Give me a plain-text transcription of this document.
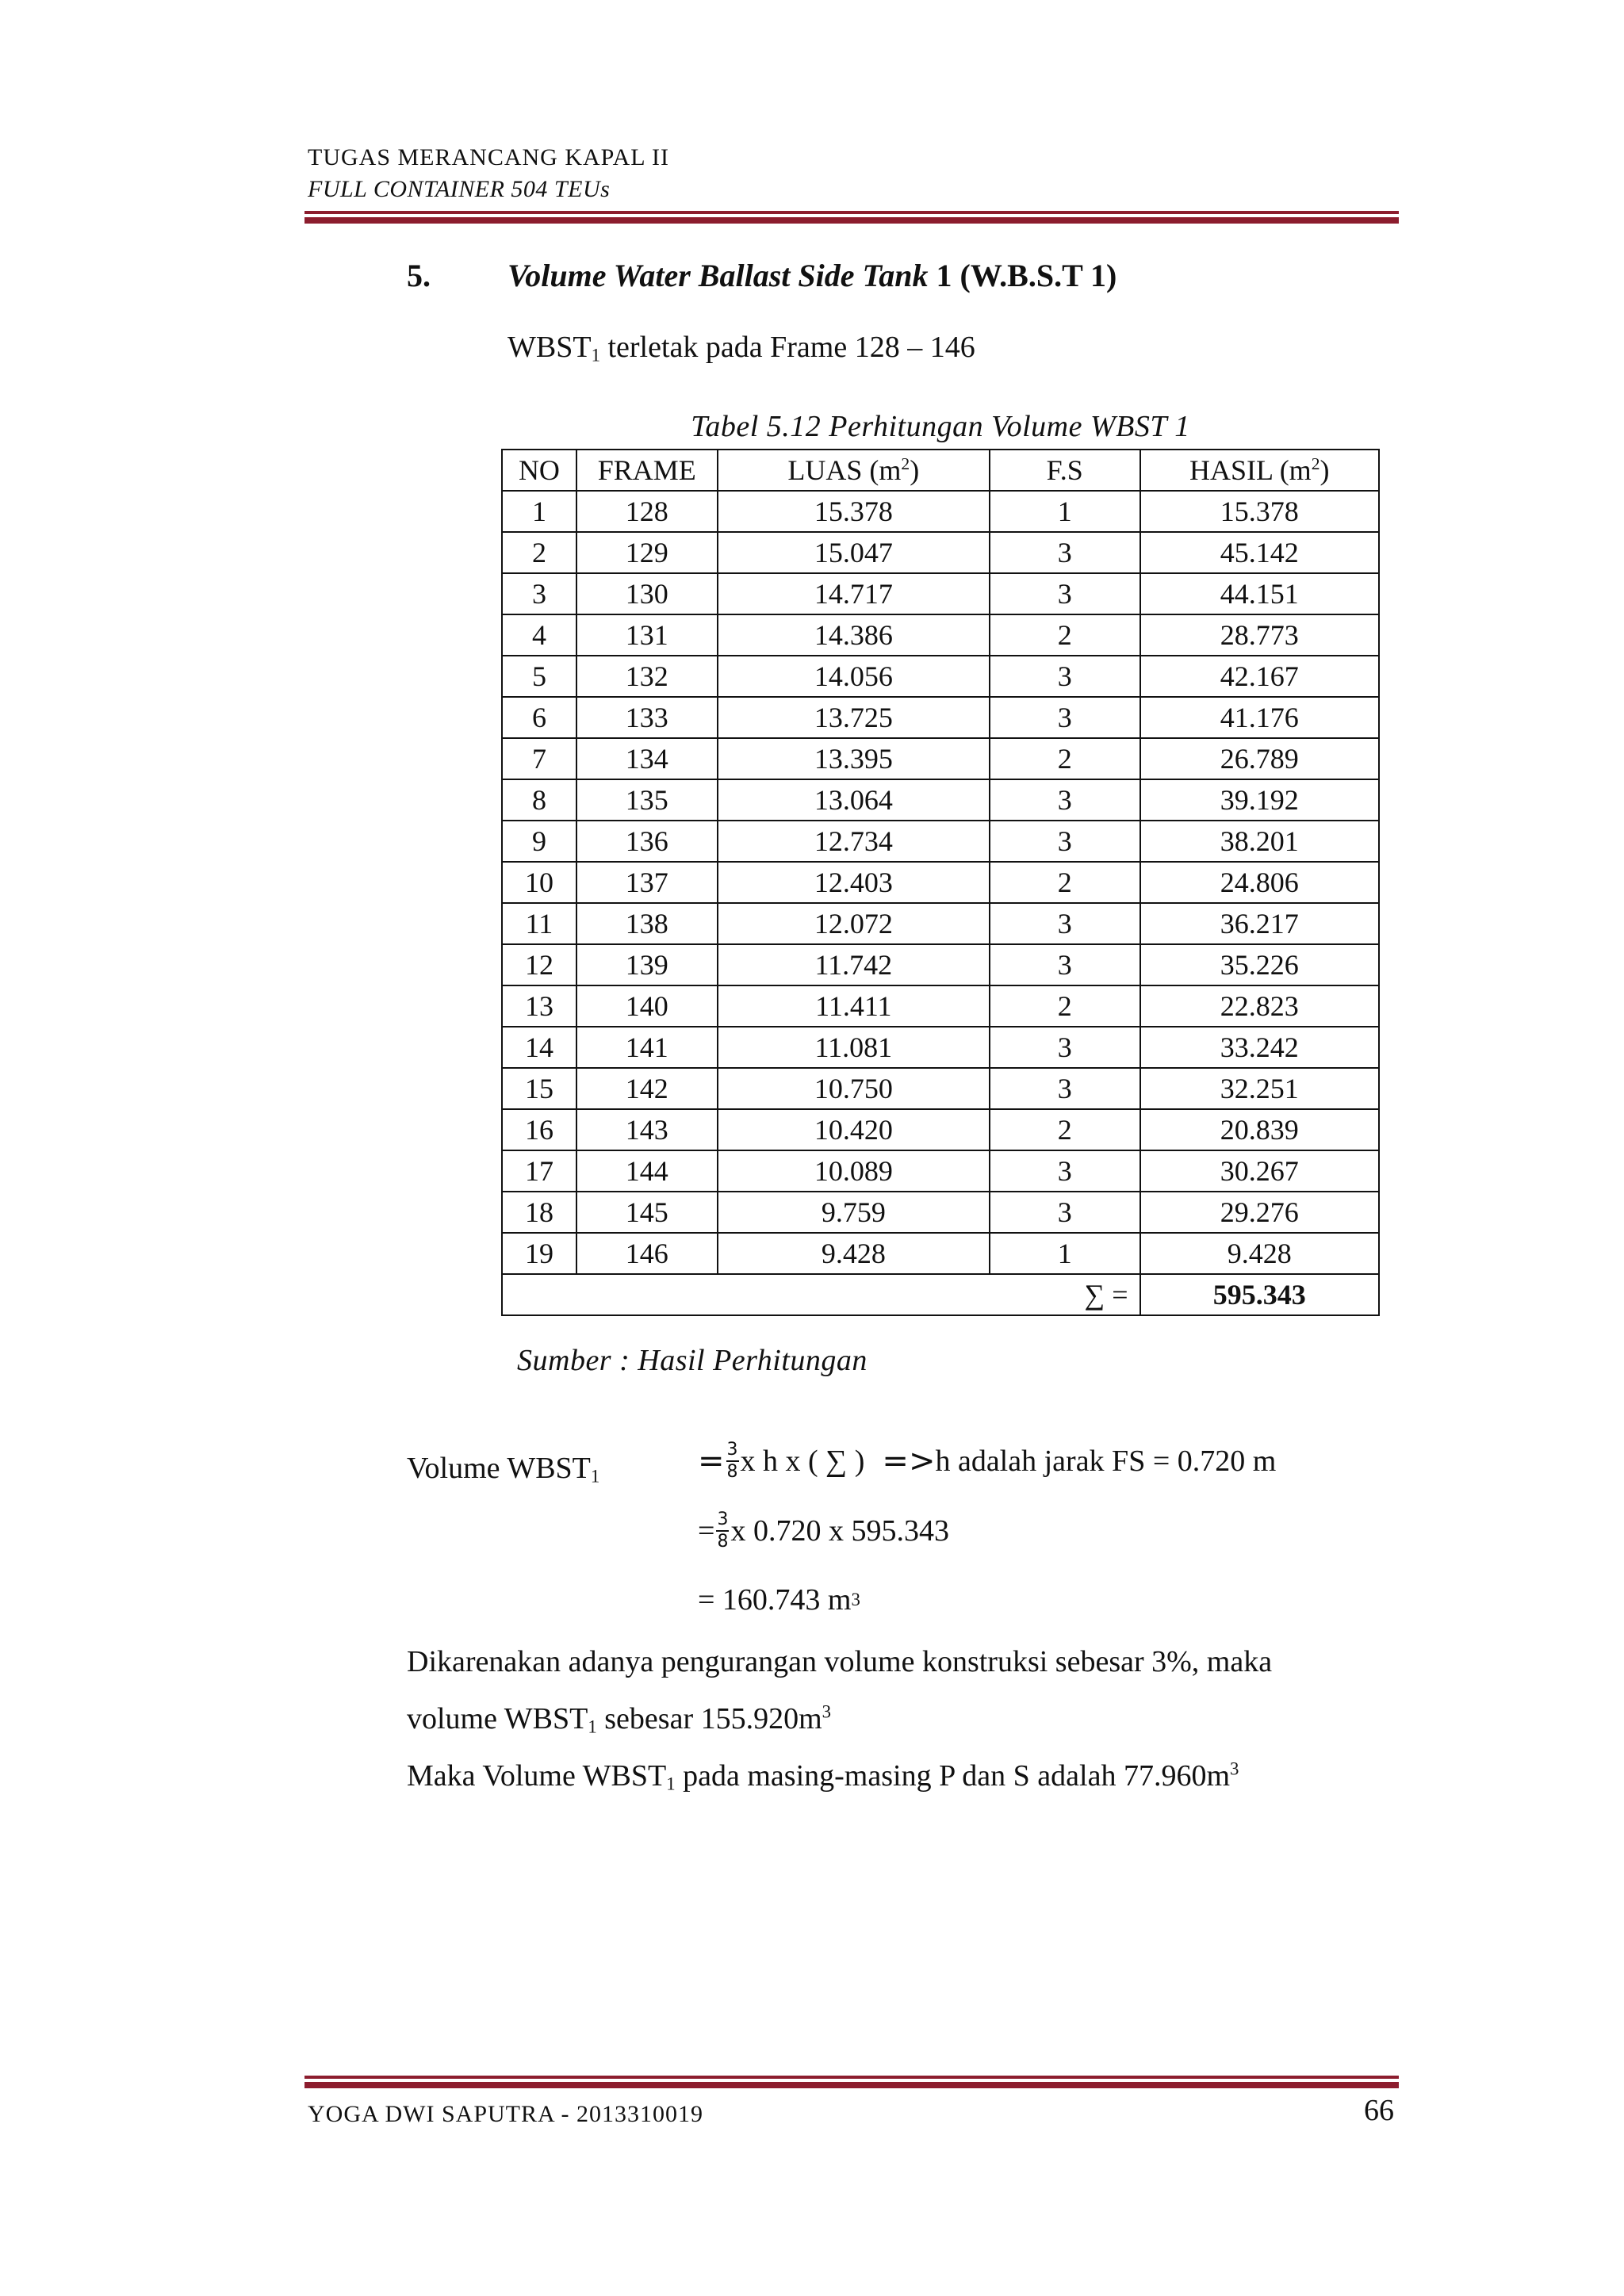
TUGAS MERANCANG KAPAL II
FULL CONTAINER 504 TEUs
5. Volume Water Ballast Side Tank 1 (W.B.S.T 1)
$WBST_1$ terletak pada Frame 128 – 146
Tabel 5.12 Perhitungan Volume WBST 1
NO	FRAME	LUAS $(m^2)$	F.S	HASIL $(m^2)$
1	128	15.378	1	15.378
2	129	15.047	3	45.142
3	130	14.717	3	44.151
4	131	14.386	2	28.773
5	132	14.056	3	42.167
6	133	13.725	3	41.176
7	134	13.395	2	26.789
8	135	13.064	3	39.192
9	136	12.734	3	38.201
10	137	12.403	2	24.806
11	138	12.072	3	36.217
12	139	11.742	3	35.226
13	140	11.411	2	22.823
14	141	11.081	3	33.242
15	142	10.750	3	32.251
16	143	10.420	2	20.839
17	144	10.089	3	30.267
18	145	9.759	3	29.276
19	146	9.428	1	9.428
∑ =				595.343
Sumber : Hasil Perhitungan
Volume $WBST_1$	= $\frac{3}{8}$ x h x ( ∑ ) => h adalah jarak FS = 0.720 m
= $\frac{3}{8}$ x 0.720 x 595.343
= 160.743 m 3
Dikarenakan adanya pengurangan volume konstruksi sebesar 3%, maka
volume $WBST_1$ sebesar $155.920m^3$
Maka Volume $WBST_1$ pada masing-masing P dan S adalah $77.960m^3$
YOGA DWI SAPUTRA - 2013310019	66
